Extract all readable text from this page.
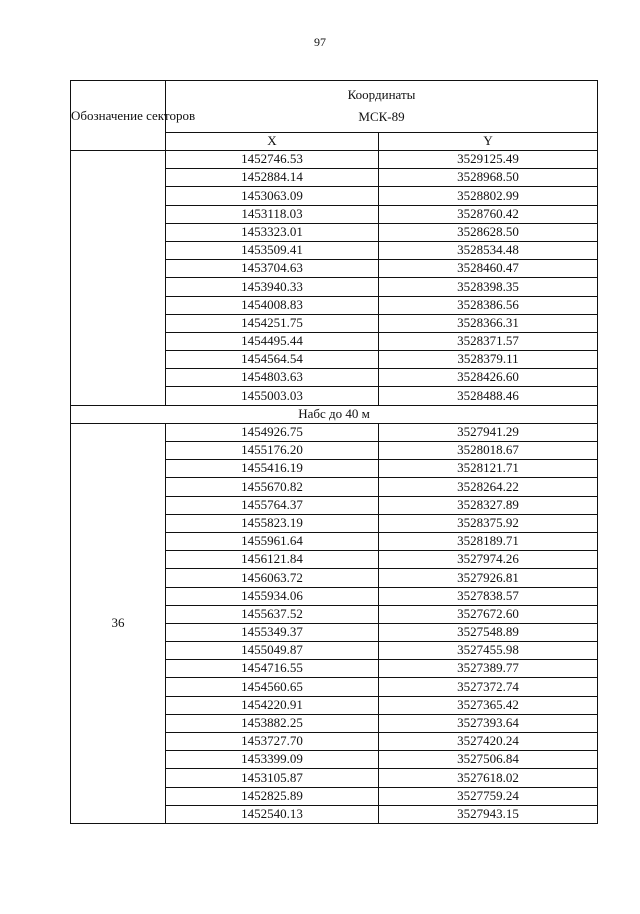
97
Обозначение секторов	Координаты
МСК-89	
	X	Y
	1452746.53	3529125.49
	1452884.14	3528968.50
	1453063.09	3528802.99
	1453118.03	3528760.42
	1453323.01	3528628.50
	1453509.41	3528534.48
	1453704.63	3528460.47
	1453940.33	3528398.35
	1454008.83	3528386.56
	1454251.75	3528366.31
	1454495.44	3528371.57
	1454564.54	3528379.11
	1454803.63	3528426.60
	1455003.03	3528488.46
Набс до 40 м		
36	1454926.75	3527941.29
	1455176.20	3528018.67
	1455416.19	3528121.71
	1455670.82	3528264.22
	1455764.37	3528327.89
	1455823.19	3528375.92
	1455961.64	3528189.71
	1456121.84	3527974.26
	1456063.72	3527926.81
	1455934.06	3527838.57
	1455637.52	3527672.60
	1455349.37	3527548.89
	1455049.87	3527455.98
	1454716.55	3527389.77
	1454560.65	3527372.74
	1454220.91	3527365.42
	1453882.25	3527393.64
	1453727.70	3527420.24
	1453399.09	3527506.84
	1453105.87	3527618.02
	1452825.89	3527759.24
	1452540.13	3527943.15
